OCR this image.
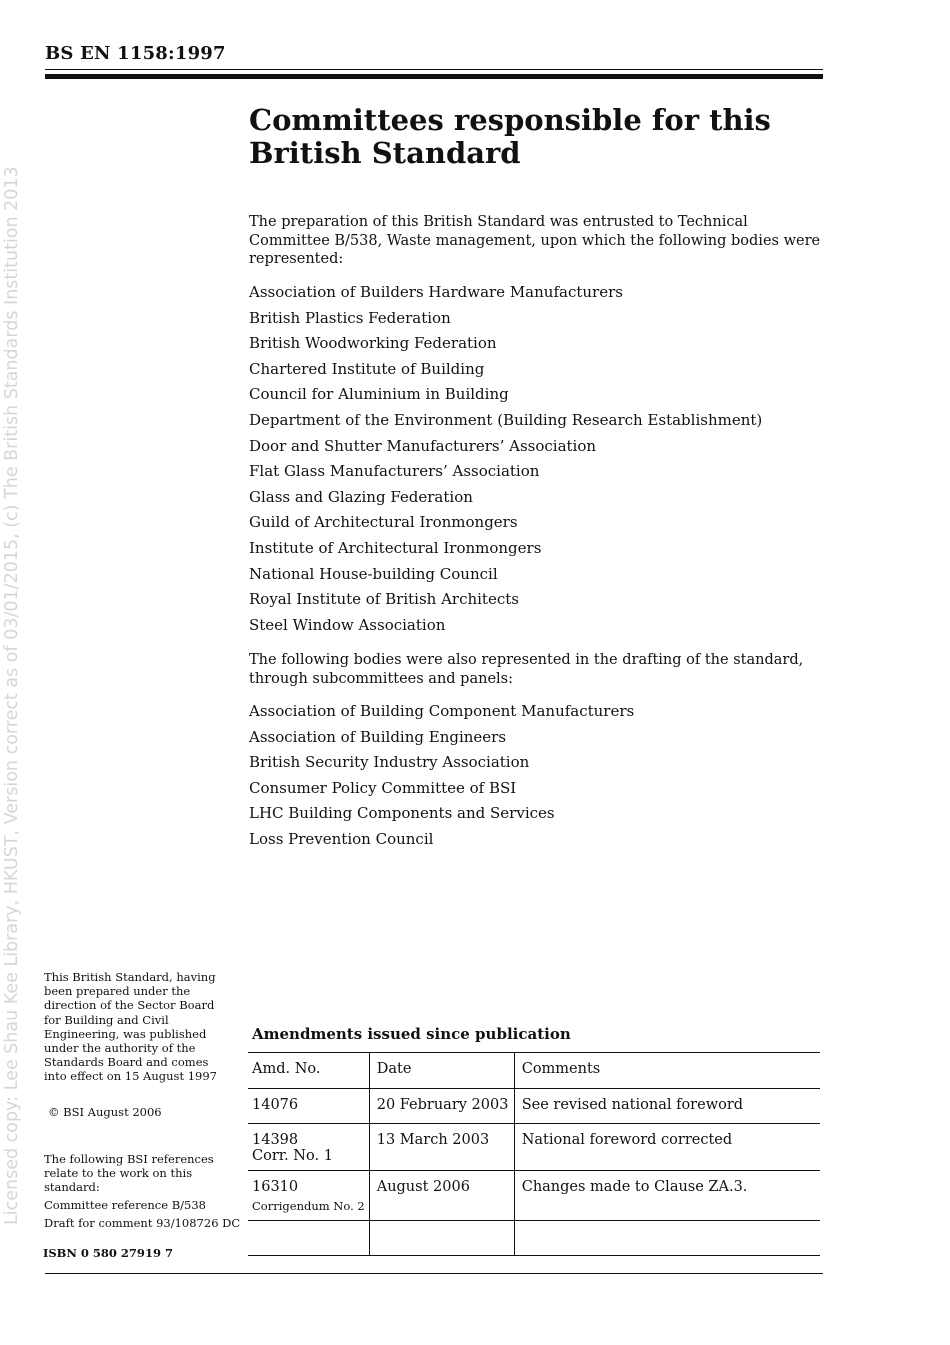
BS EN 1158:1997
Licensed copy: Lee Shau Kee Library, HKUST, Version correct as of 03/01/2015, (c) The British Standards Institution 2013
Committees responsible for this
British Standard

The preparation of this British Standard was entrusted to Technical Committee B/538, Waste management, upon which the following bodies were represented:

Association of Builders Hardware Manufacturers
British Plastics Federation
British Woodworking Federation
Chartered Institute of Building
Council for Aluminium in Building
Department of the Environment (Building Research Establishment)
Door and Shutter Manufacturers’ Association
Flat Glass Manufacturers’ Association
Glass and Glazing Federation
Guild of Architectural Ironmongers
Institute of Architectural Ironmongers
National House-building Council
Royal Institute of British Architects
Steel Window Association

The following bodies were also represented in the drafting of the standard, through subcommittees and panels:

Association of Building Component Manufacturers
Association of Building Engineers
British Security Industry Association
Consumer Policy Committee of BSI
LHC Building Components and Services
Loss Prevention Council

This British Standard, having been prepared under the direction of the Sector Board for Building and Civil Engineering, was published under the authority of the Standards Board and comes into effect on 15 August 1997

© BSI August 2006

The following BSI references relate to the work on this standard:

Committee reference B/538

Draft for comment 93/108726 DC

ISBN 0 580 27919 7
Amendments issued since publication
Amd. No.	Date	Comments
14076	20 February 2003	See revised national foreword

14398
Corr. No. 1	13 March 2003	National foreword corrected

16310
Corrigendum No. 2	August 2006	Changes made to Clause ZA.3.
